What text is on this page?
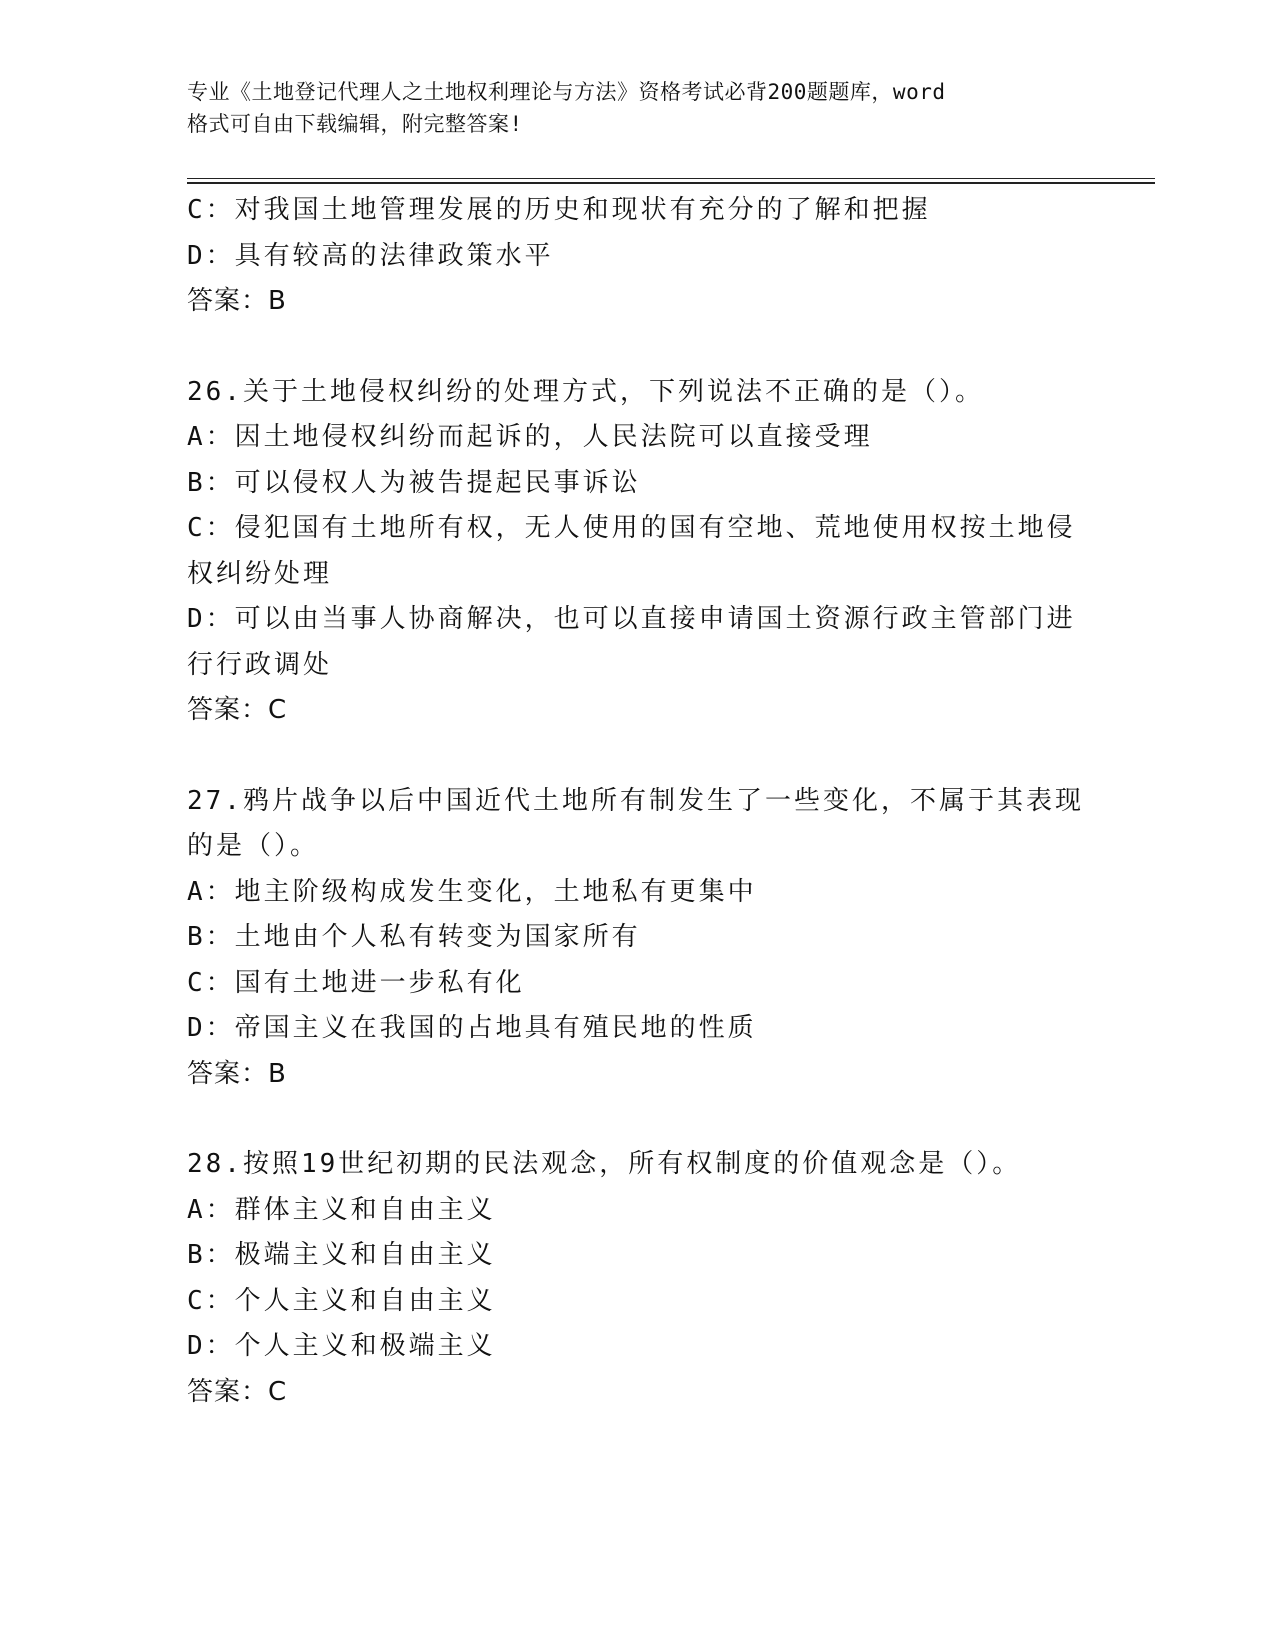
专业《土地登记代理人之土地权利理论与方法》资格考试必背200题题库，word
格式可自由下载编辑，附完整答案!
C：对我国土地管理发展的历史和现状有充分的了解和把握
D：具有较高的法律政策水平
答案：B
26.关于土地侵权纠纷的处理方式，下列说法不正确的是（）。
A：因土地侵权纠纷而起诉的，人民法院可以直接受理
B：可以侵权人为被告提起民事诉讼
C：侵犯国有土地所有权，无人使用的国有空地、荒地使用权按土地侵
权纠纷处理
D：可以由当事人协商解决，也可以直接申请国土资源行政主管部门进
行行政调处
答案：C
27.鸦片战争以后中国近代土地所有制发生了一些变化，不属于其表现
的是（）。
A：地主阶级构成发生变化，土地私有更集中
B：土地由个人私有转变为国家所有
C：国有土地进一步私有化
D：帝国主义在我国的占地具有殖民地的性质
答案：B
28.按照19世纪初期的民法观念，所有权制度的价值观念是（）。
A：群体主义和自由主义
B：极端主义和自由主义
C：个人主义和自由主义
D：个人主义和极端主义
答案：C
